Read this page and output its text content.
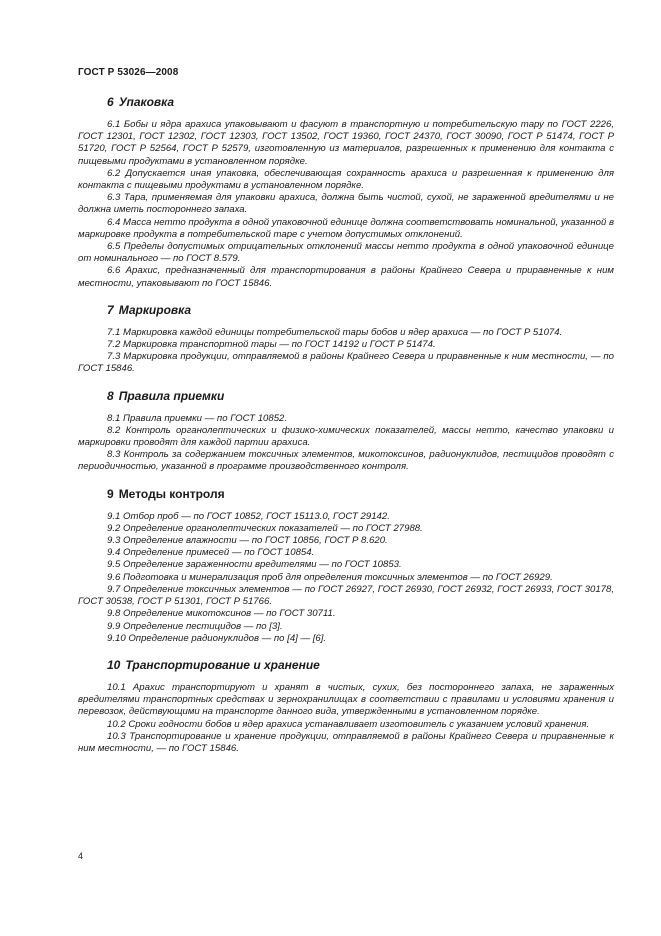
ГОСТ Р 53026—2008
6 Упаковка

6.1 Бобы и ядра арахиса упаковывают и фасуют в транспортную и потребительскую тару по ГОСТ 2226, ГОСТ 12301, ГОСТ 12302, ГОСТ 12303, ГОСТ 13502, ГОСТ 19360, ГОСТ 24370, ГОСТ 30090, ГОСТ Р 51474, ГОСТ Р 51720, ГОСТ Р 52564, ГОСТ Р 52579, изготовленную из материалов, разрешенных к применению для контакта с пищевыми продуктами в установленном порядке.

6.2 Допускается иная упаковка, обеспечивающая сохранность арахиса и разрешенная к применению для контакта с пищевыми продуктами в установленном порядке.

6.3 Тара, применяемая для упаковки арахиса, должна быть чистой, сухой, не зараженной вредителями и не должна иметь постороннего запаха.

6.4 Масса нетто продукта в одной упаковочной единице должна соответствовать номинальной, указанной в маркировке продукта в потребительской таре с учетом допустимых отклонений.

6.5 Пределы допустимых отрицательных отклонений массы нетто продукта в одной упаковочной единице от номинального — по ГОСТ 8.579.

6.6 Арахис, предназначенный для транспортирования в районы Крайнего Севера и приравненные к ним местности, упаковывают по ГОСТ 15846.

7 Маркировка

7.1 Маркировка каждой единицы потребительской тары бобов и ядер арахиса — по ГОСТ Р 51074.

7.2 Маркировка транспортной тары — по ГОСТ 14192 и ГОСТ Р 51474.

7.3 Маркировка продукции, отправляемой в районы Крайнего Севера и приравненные к ним местности, — по ГОСТ 15846.

8 Правила приемки

8.1 Правила приемки — по ГОСТ 10852.

8.2 Контроль органолептических и физико-химических показателей, массы нетто, качество упаковки и маркировки проводят для каждой партии арахиса.

8.3 Контроль за содержанием токсичных элементов, микотоксинов, радионуклидов, пестицидов проводят с периодичностью, указанной в программе производственного контроля.

9 Методы контроля

9.1 Отбор проб — по ГОСТ 10852, ГОСТ 15113.0, ГОСТ 29142.

9.2 Определение органолептических показателей — по ГОСТ 27988.

9.3 Определение влажности — по ГОСТ 10856, ГОСТ Р 8.620.

9.4 Определение примесей — по ГОСТ 10854.

9.5 Определение зараженности вредителями — по ГОСТ 10853.

9.6 Подготовка и минерализация проб для определения токсичных элементов — по ГОСТ 26929.

9.7 Определение токсичных элементов — по ГОСТ 26927, ГОСТ 26930, ГОСТ 26932, ГОСТ 26933, ГОСТ 30178, ГОСТ 30538, ГОСТ Р 51301, ГОСТ Р 51766.

9.8 Определение микотоксинов — по ГОСТ 30711.

9.9 Определение пестицидов — по [3].

9.10 Определение радионуклидов — по [4] — [6].

10 Транспортирование и хранение

10.1 Арахис транспортируют и хранят в чистых, сухих, без постороннего запаха, не зараженных вредителями транспортных средствах и зернохранилищах в соответствии с правилами и условиями хранения и перевозок, действующими на транспорте данного вида, утвержденными в установленном порядке.

10.2 Сроки годности бобов и ядер арахиса устанавливает изготовитель с указанием условий хранения.

10.3 Транспортирование и хранение продукции, отправляемой в районы Крайнего Севера и приравненные к ним местности, — по ГОСТ 15846.

4
